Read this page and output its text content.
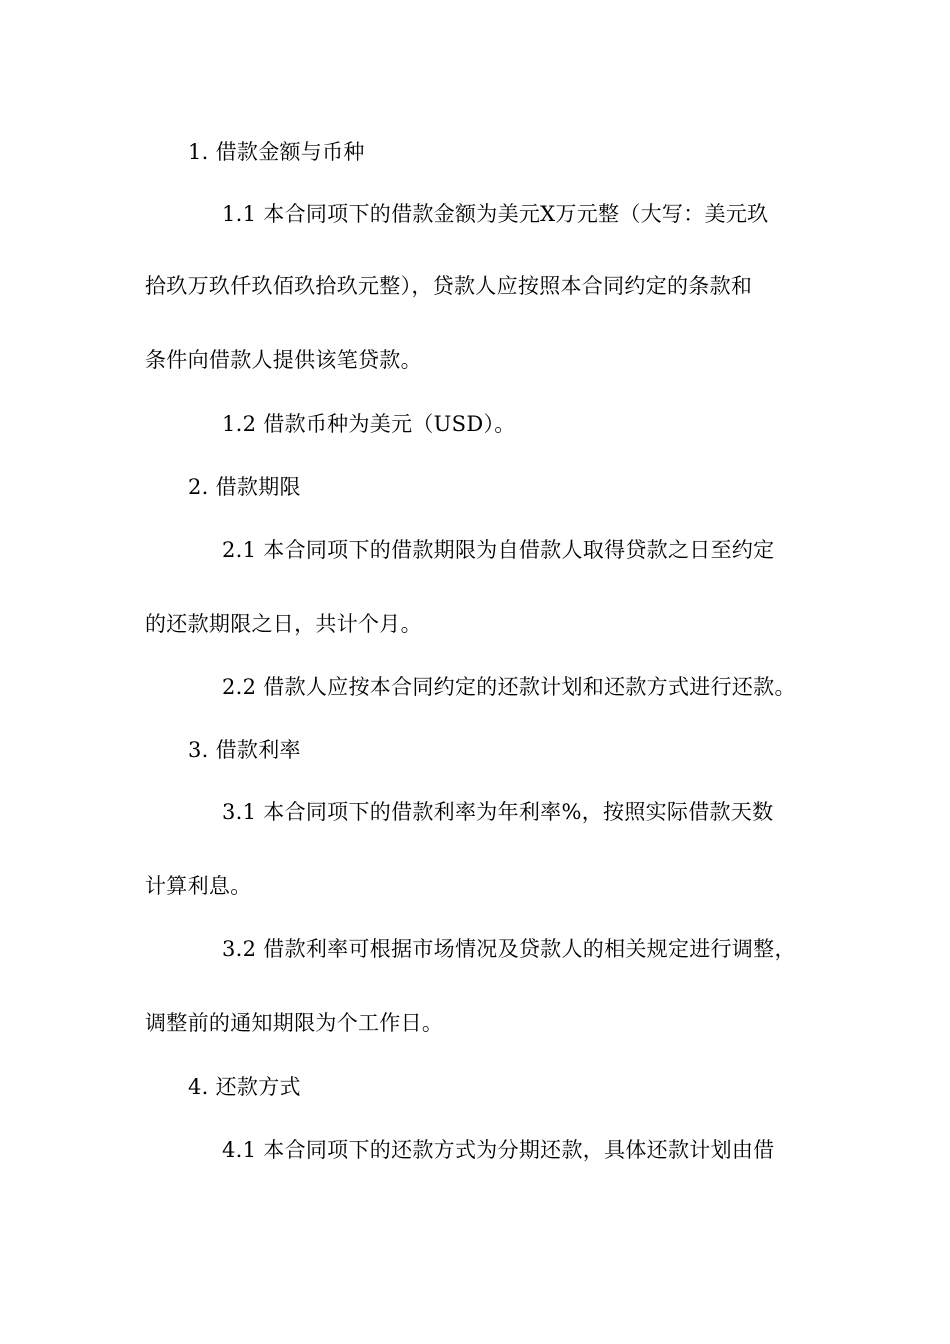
1. 借款金额与币种
1.1 本合同项下的借款金额为美元X万元整（大写：美元玖
拾玖万玖仟玖佰玖拾玖元整），贷款人应按照本合同约定的条款和
条件向借款人提供该笔贷款。
1.2 借款币种为美元（USD）。
2. 借款期限
2.1 本合同项下的借款期限为自借款人取得贷款之日至约定
的还款期限之日，共计个月。
2.2 借款人应按本合同约定的还款计划和还款方式进行还款。
3. 借款利率
3.1 本合同项下的借款利率为年利率%，按照实际借款天数
计算利息。
3.2 借款利率可根据市场情况及贷款人的相关规定进行调整，
调整前的通知期限为个工作日。
4. 还款方式
4.1 本合同项下的还款方式为分期还款，具体还款计划由借
